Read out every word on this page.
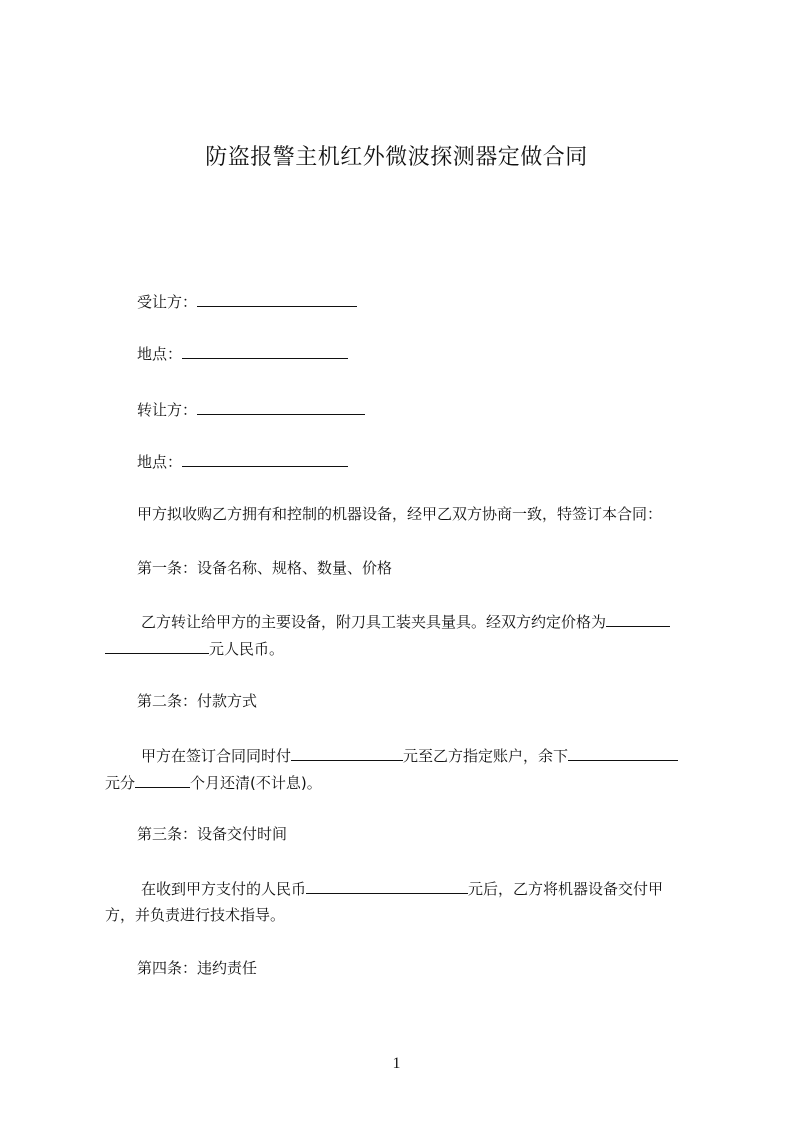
防盗报警主机红外微波探测器定做合同
受让方：
地点：
转让方：
地点：
甲方拟收购乙方拥有和控制的机器设备，经甲乙双方协商一致，特签订本合同：
第一条：设备名称、规格、数量、价格
乙方转让给甲方的主要设备，附刀具工装夹具量具。经双方约定价格为
元人民币。
第二条：付款方式
甲方在签订合同同时付	元至乙方指定账户，余下
元分	个月还清(不计息)。
第三条：设备交付时间
在收到甲方支付的人民币	元后，乙方将机器设备交付甲
方，并负责进行技术指导。
第四条：违约责任
1
